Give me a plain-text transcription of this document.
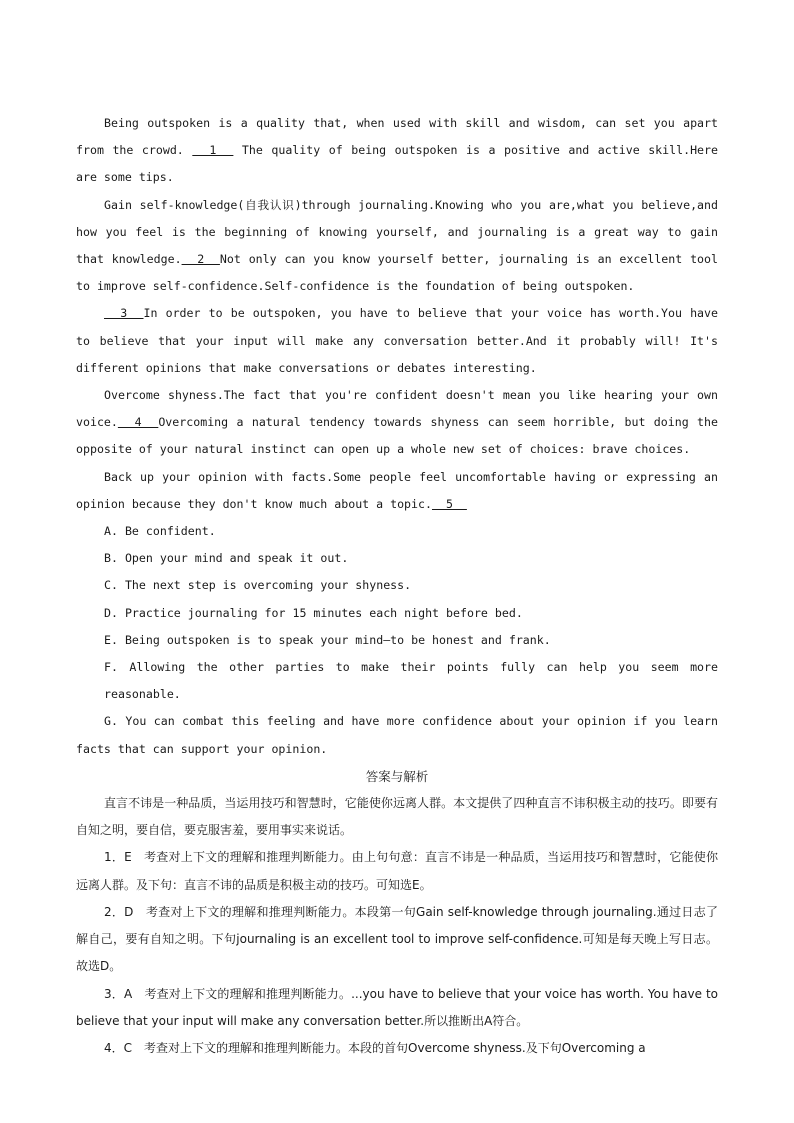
Being outspoken is a quality that, when used with skill and wisdom, can set you apart from the crowd.   1   The quality of being outspoken is a positive and active skill.Here are some tips.

Gain self-knowledge(自我认识)through journaling.Knowing who you are,what you believe,and how you feel is the beginning of knowing yourself, and journaling is a great way to gain that knowledge.  2  Not only can you know yourself better, journaling is an excellent tool to improve self-confidence.Self-confidence is the foundation of being outspoken.

3  In order to be outspoken, you have to believe that your voice has worth.You have to believe that your input will make any conversation better.And it probably will! It's different opinions that make conversations or debates interesting.

Overcome shyness.The fact that you're confident doesn't mean you like hearing your own voice.  4  Overcoming a natural tendency towards shyness can seem horrible, but doing the opposite of your natural instinct can open up a whole new set of choices: brave choices.

Back up your opinion with facts.Some people feel uncomfortable having or expressing an opinion because they don't know much about a topic.  5

A. Be confident.

B. Open your mind and speak it out.

C. The next step is overcoming your shyness.

D. Practice journaling for 15 minutes each night before bed.

E. Being outspoken is to speak your mind—to be honest and frank.

F. Allowing the other parties to make their points fully can help you seem more reasonable.

G. You can combat this feeling and have more confidence about your opinion if you learn facts that can support your opinion.

答案与解析

直言不讳是一种品质，当运用技巧和智慧时，它能使你远离人群。本文提供了四种直言不讳积极主动的技巧。即要有自知之明，要自信，要克服害羞，要用事实来说话。

1．E　考查对上下文的理解和推理判断能力。由上句句意：直言不讳是一种品质，当运用技巧和智慧时，它能使你远离人群。及下句：直言不讳的品质是积极主动的技巧。可知选E。

2．D　考查对上下文的理解和推理判断能力。本段第一句Gain self-knowledge through journaling.通过日志了解自己，要有自知之明。下句journaling is an excellent tool to improve self-confidence.可知是每天晚上写日志。故选D。

3．A　考查对上下文的理解和推理判断能力。...you have to believe that your voice has worth. You have to believe that your input will make any conversation better.所以推断出A符合。

4．C　考查对上下文的理解和推理判断能力。本段的首句Overcome shyness.及下句Overcoming a
